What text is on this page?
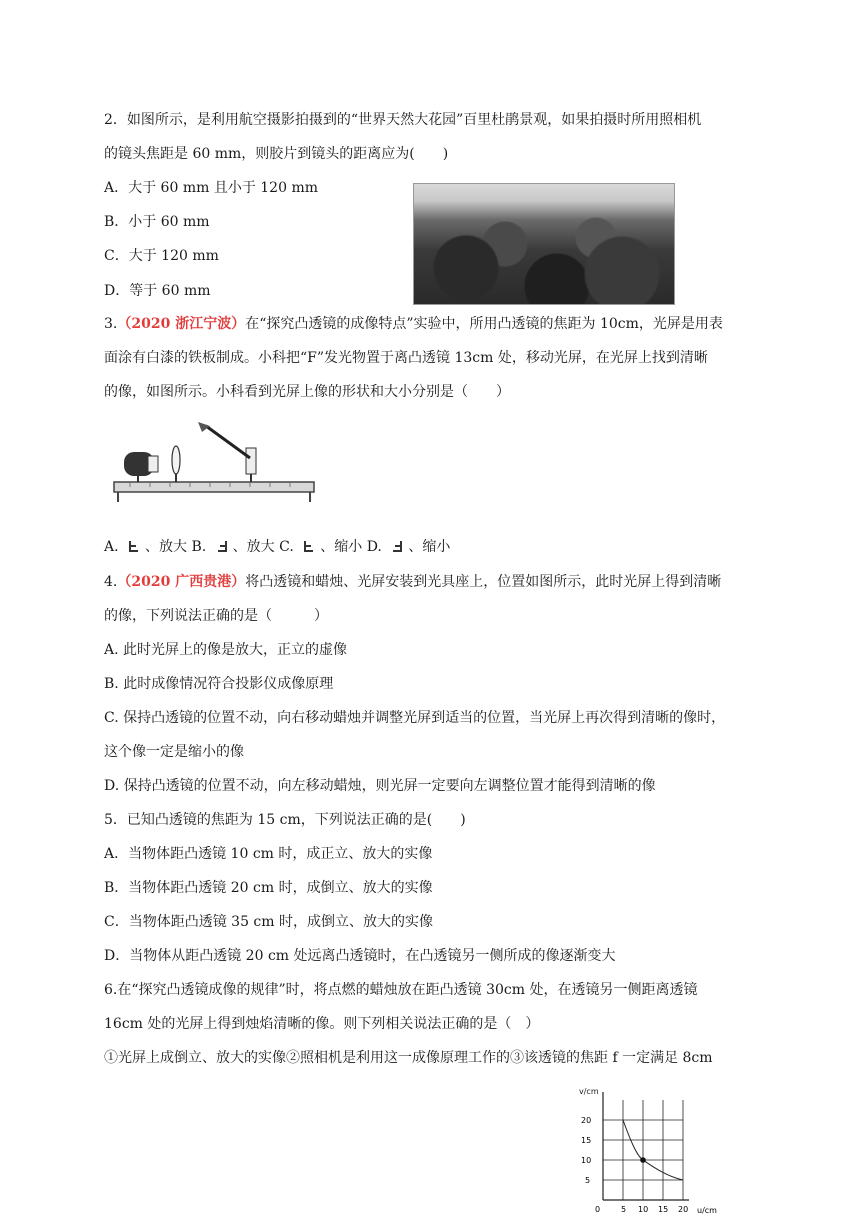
2．如图所示，是利用航空摄影拍摄到的“世界天然大花园”百里杜鹃景观，如果拍摄时所用照相机
的镜头焦距是 60 mm，则胶片到镜头的距离应为(　　)
A．大于 60 mm 且小于 120 mm
B．小于 60 mm
C．大于 120 mm
D．等于 60 mm
3.（2020 浙江宁波）在“探究凸透镜的成像特点”实验中，所用凸透镜的焦距为 10cm，光屏是用表
面涂有白漆的铁板制成。小科把“F”发光物置于离凸透镜 13cm 处，移动光屏，在光屏上找到清晰
的像，如图所示。小科看到光屏上像的形状和大小分别是（　　）
A. 、放大 B. 、放大 C. 、缩小 D. 、缩小
4.（2020 广西贵港）将凸透镜和蜡烛、光屏安装到光具座上，位置如图所示，此时光屏上得到清晰
的像，下列说法正确的是（　　　）
A. 此时光屏上的像是放大，正立的虚像
B. 此时成像情况符合投影仪成像原理
C. 保持凸透镜的位置不动，向右移动蜡烛并调整光屏到适当的位置，当光屏上再次得到清晰的像时，
这个像一定是缩小的像
D. 保持凸透镜的位置不动，向左移动蜡烛，则光屏一定要向左调整位置才能得到清晰的像
5．已知凸透镜的焦距为 15 cm，下列说法正确的是(　　)
A．当物体距凸透镜 10 cm 时，成正立、放大的实像
B．当物体距凸透镜 20 cm 时，成倒立、放大的实像
C．当物体距凸透镜 35 cm 时，成倒立、放大的实像
D．当物体从距凸透镜 20 cm 处远离凸透镜时，在凸透镜另一侧所成的像逐渐变大
6.在“探究凸透镜成像的规律”时，将点燃的蜡烛放在距凸透镜 30cm 处，在透镜另一侧距离透镜
16cm 处的光屏上得到烛焰清晰的像。则下列相关说法正确的是（　）
①光屏上成倒立、放大的实像②照相机是利用这一成像原理工作的③该透镜的焦距 f 一定满足 8cm
v/cm
20
15
10
5
0	5 10 15 20 u/cm
